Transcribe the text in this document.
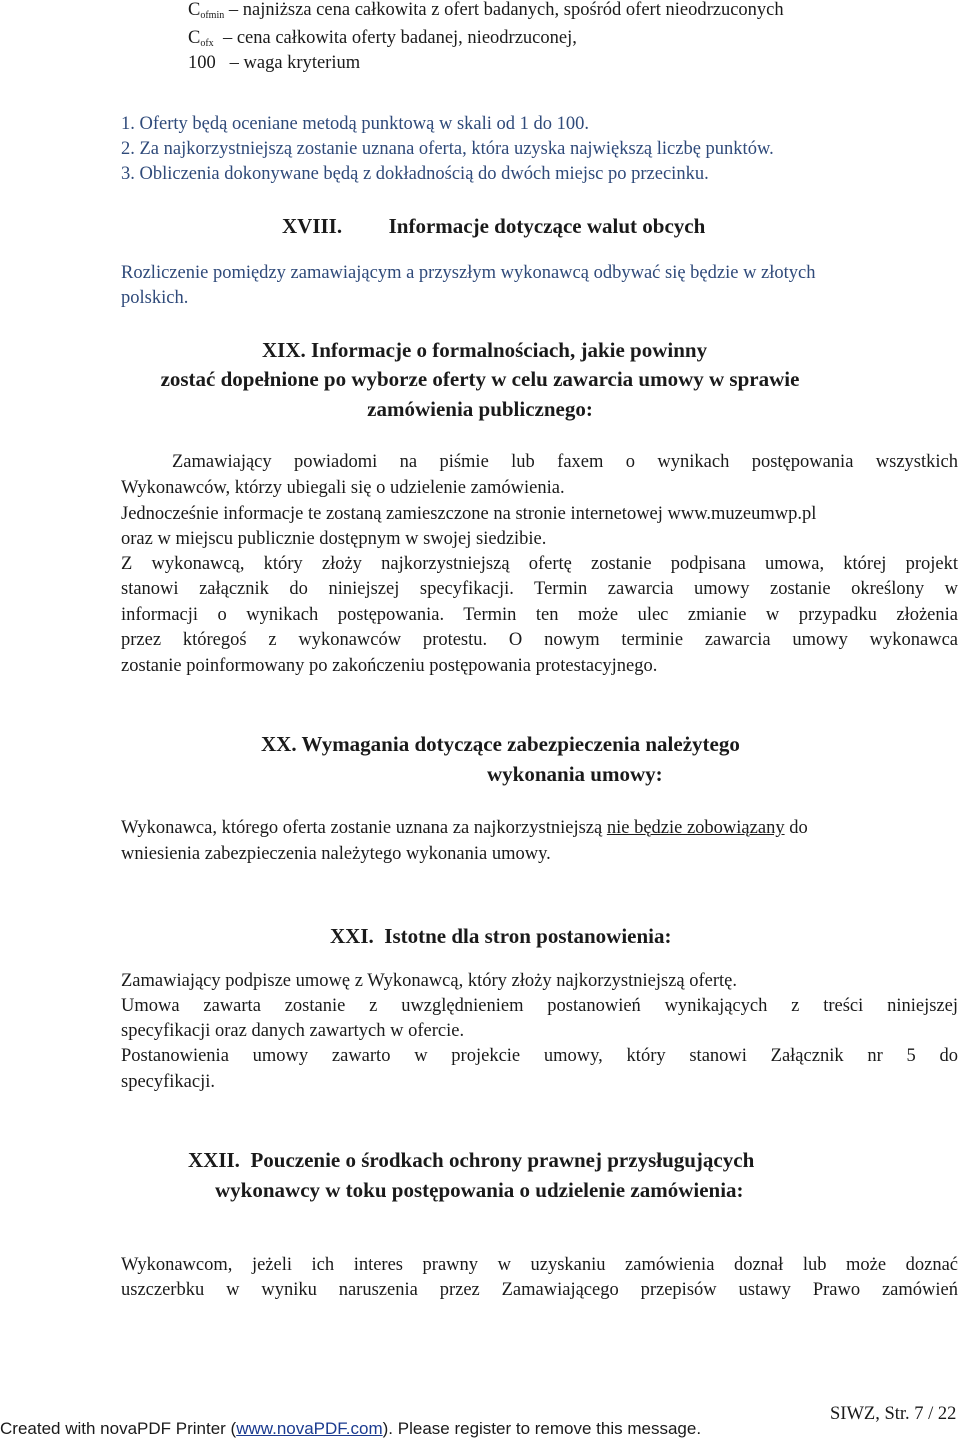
$C_{ofmin}$ – najniższa cena całkowita z ofert badanych, spośród ofert nieodrzuconych
$C_{ofx}$ – cena całkowita oferty badanej, nieodrzuconej,
100 – waga kryterium
1. Oferty będą oceniane metodą punktową w skali od 1 do 100.
2. Za najkorzystniejszą zostanie uznana oferta, która uzyska największą liczbę punktów.
3. Obliczenia dokonywane będą z dokładnością do dwóch miejsc po przecinku.
XVIII. Informacje dotyczące walut obcych
Rozliczenie pomiędzy zamawiającym a przyszłym wykonawcą odbywać się będzie w złotych
polskich.
XIX. Informacje o formalnościach, jakie powinny
zostać dopełnione po wyborze oferty w celu zawarcia umowy w sprawie
zamówienia publicznego:
Zamawiający powiadomi na piśmie lub faxem o wynikach postępowania wszystkich
Wykonawców, którzy ubiegali się o udzielenie zamówienia.
Jednocześnie informacje te zostaną zamieszczone na stronie internetowej www.muzeumwp.pl
oraz w miejscu publicznie dostępnym w swojej siedzibie.
Z wykonawcą, który złoży najkorzystniejszą ofertę zostanie podpisana umowa, której projekt
stanowi załącznik do niniejszej specyfikacji. Termin zawarcia umowy zostanie określony w
informacji o wynikach postępowania. Termin ten może ulec zmianie w przypadku złożenia
przez któregoś z wykonawców protestu. O nowym terminie zawarcia umowy wykonawca
zostanie poinformowany po zakończeniu postępowania protestacyjnego.
XX. Wymagania dotyczące zabezpieczenia należytego
wykonania umowy:
Wykonawca, którego oferta zostanie uznana za najkorzystniejszą nie będzie zobowiązany do
wniesienia zabezpieczenia należytego wykonania umowy.
XXI. Istotne dla stron postanowienia:
Zamawiający podpisze umowę z Wykonawcą, który złoży najkorzystniejszą ofertę.
Umowa zawarta zostanie z uwzględnieniem postanowień wynikających z treści niniejszej
specyfikacji oraz danych zawartych w ofercie.
Postanowienia umowy zawarto w projekcie umowy, który stanowi Załącznik nr 5 do
specyfikacji.
XXII. Pouczenie o środkach ochrony prawnej przysługujących
wykonawcy w toku postępowania o udzielenie zamówienia:
Wykonawcom, jeżeli ich interes prawny w uzyskaniu zamówienia doznał lub może doznać
uszczerbku w wyniku naruszenia przez Zamawiającego przepisów ustawy Prawo zamówień
SIWZ, Str. 7 / 22
Created with novaPDF Printer (www.novaPDF.com). Please register to remove this message.
